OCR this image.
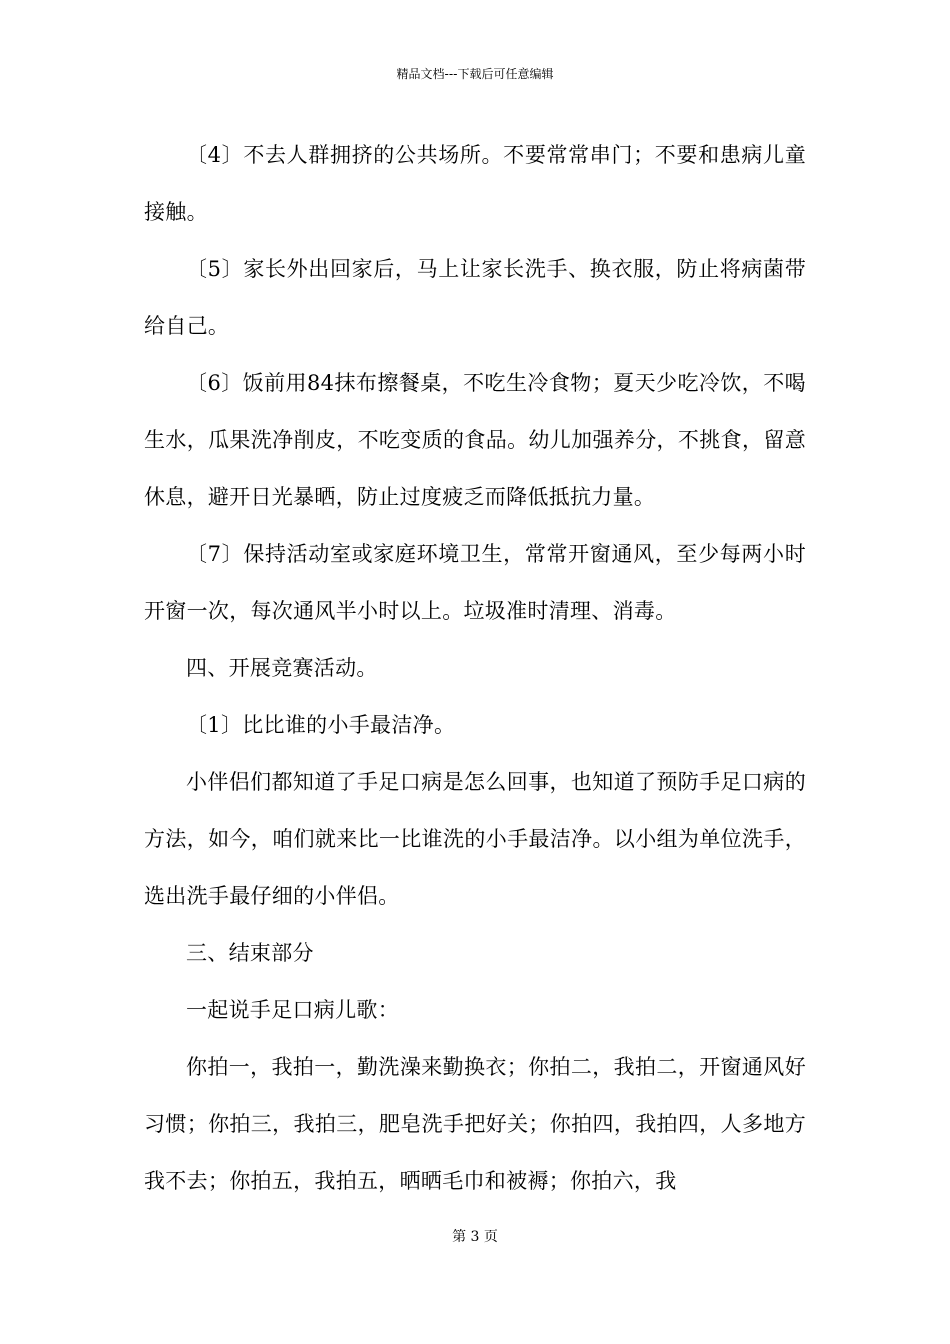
精品文档---下载后可任意编辑

〔4〕不去人群拥挤的公共场所。不要常常串门；不要和患病儿童接触。

〔5〕家长外出回家后，马上让家长洗手、换衣服，防止将病菌带给自己。

〔6〕饭前用84抹布擦餐桌，不吃生冷食物；夏天少吃冷饮，不喝生水，瓜果洗净削皮，不吃变质的食品。幼儿加强养分，不挑食，留意休息，避开日光暴晒，防止过度疲乏而降低抵抗力量。

〔7〕保持活动室或家庭环境卫生，常常开窗通风，至少每两小时开窗一次，每次通风半小时以上。垃圾准时清理、消毒。

四、开展竞赛活动。

〔1〕比比谁的小手最洁净。

小伴侣们都知道了手足口病是怎么回事，也知道了预防手足口病的方法，如今，咱们就来比一比谁洗的小手最洁净。以小组为单位洗手，选出洗手最仔细的小伴侣。

三、结束部分

一起说手足口病儿歌：

你拍一，我拍一，勤洗澡来勤换衣；你拍二，我拍二，开窗通风好习惯；你拍三，我拍三，肥皂洗手把好关；你拍四，我拍四，人多地方我不去；你拍五，我拍五，晒晒毛巾和被褥；你拍六，我

第 3 页
